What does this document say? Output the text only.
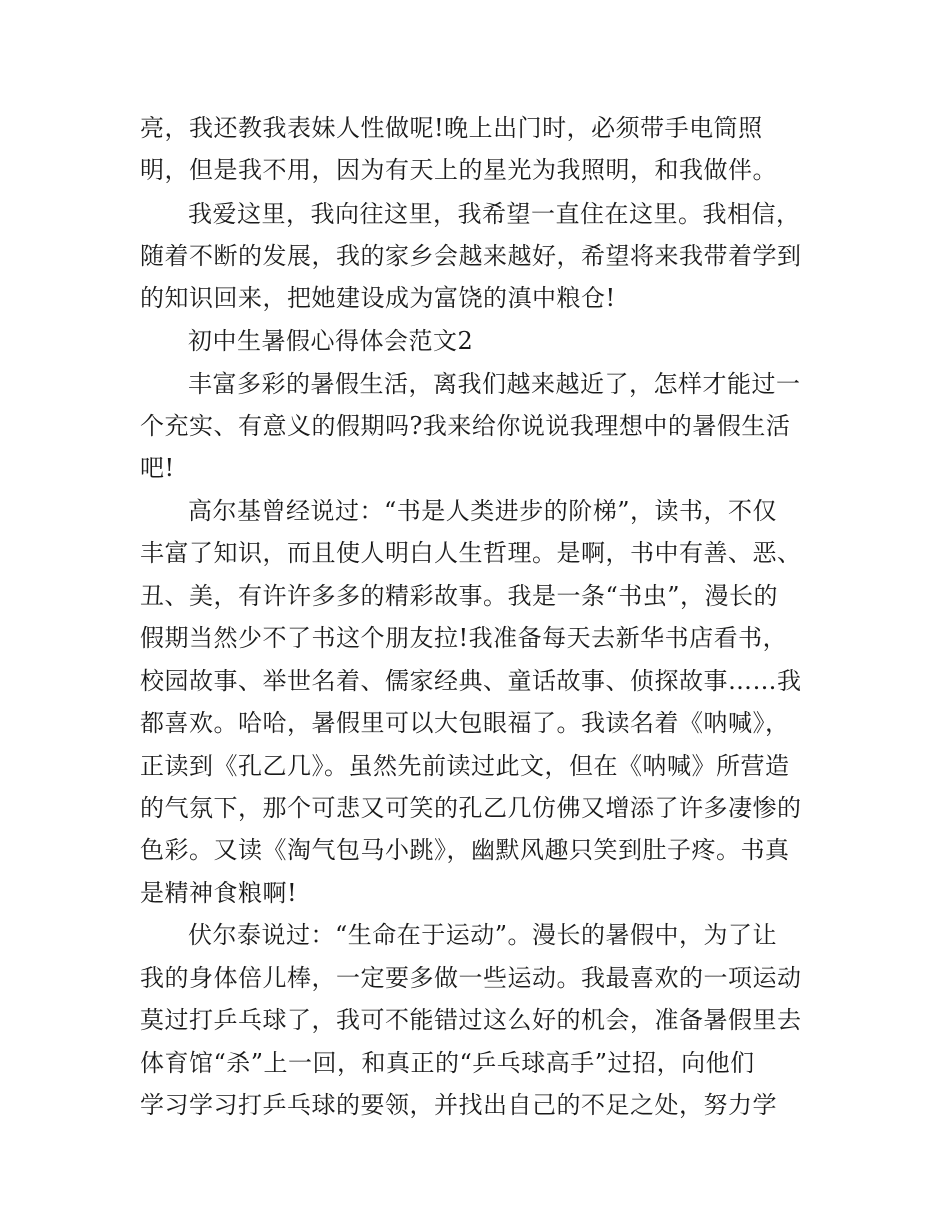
亮，我还教我表妹人性做呢!晚上出门时，必须带手电筒照
明，但是我不用，因为有天上的星光为我照明，和我做伴。
我爱这里，我向往这里，我希望一直住在这里。我相信，
随着不断的发展，我的家乡会越来越好，希望将来我带着学到
的知识回来，把她建设成为富饶的滇中粮仓!
初中生暑假心得体会范文2
丰富多彩的暑假生活，离我们越来越近了，怎样才能过一
个充实、有意义的假期吗?我来给你说说我理想中的暑假生活
吧!
高尔基曾经说过：“书是人类进步的阶梯”，读书，不仅
丰富了知识，而且使人明白人生哲理。是啊，书中有善、恶、
丑、美，有许许多多的精彩故事。我是一条“书虫”，漫长的
假期当然少不了书这个朋友拉!我准备每天去新华书店看书，
校园故事、举世名着、儒家经典、童话故事、侦探故事……我
都喜欢。哈哈，暑假里可以大包眼福了。我读名着《呐喊》，
正读到《孔乙几》。虽然先前读过此文，但在《呐喊》所营造
的气氛下，那个可悲又可笑的孔乙几仿佛又增添了许多凄惨的
色彩。又读《淘气包马小跳》，幽默风趣只笑到肚子疼。书真
是精神食粮啊!
伏尔泰说过：“生命在于运动”。漫长的暑假中，为了让
我的身体倍儿棒，一定要多做一些运动。我最喜欢的一项运动
莫过打乒乓球了，我可不能错过这么好的机会，准备暑假里去
体育馆“杀”上一回，和真正的“乒乓球高手”过招，向他们
学习学习打乒乓球的要领，并找出自己的不足之处，努力学
